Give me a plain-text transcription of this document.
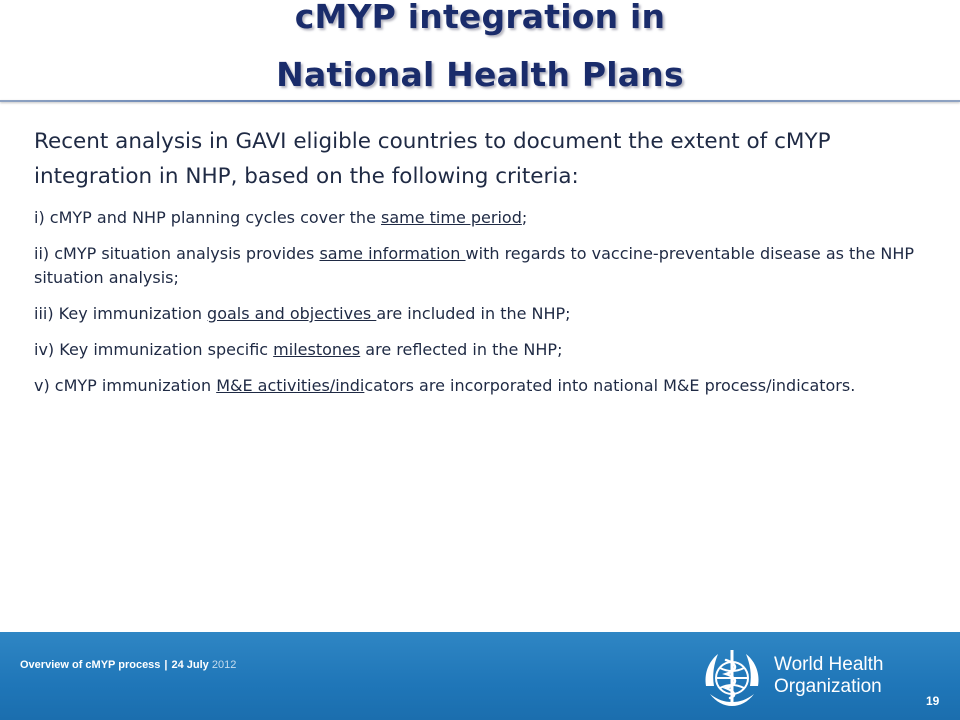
cMYP integration in
National Health Plans

Recent analysis in GAVI eligible countries to document the extent of cMYP integration in NHP, based on the following criteria:

i) cMYP and NHP planning cycles cover the same time period;

ii) cMYP situation analysis provides same information with regards to vaccine-preventable disease as the NHP situation analysis;

iii) Key immunization goals and objectives are included in the NHP;

iv) Key immunization specific milestones are reflected in the NHP;

v) cMYP immunization M&E activities/indicators are incorporated into national M&E process/indicators.

Overview of cMYP process | 24 July 2012	World Health
Organization
19
